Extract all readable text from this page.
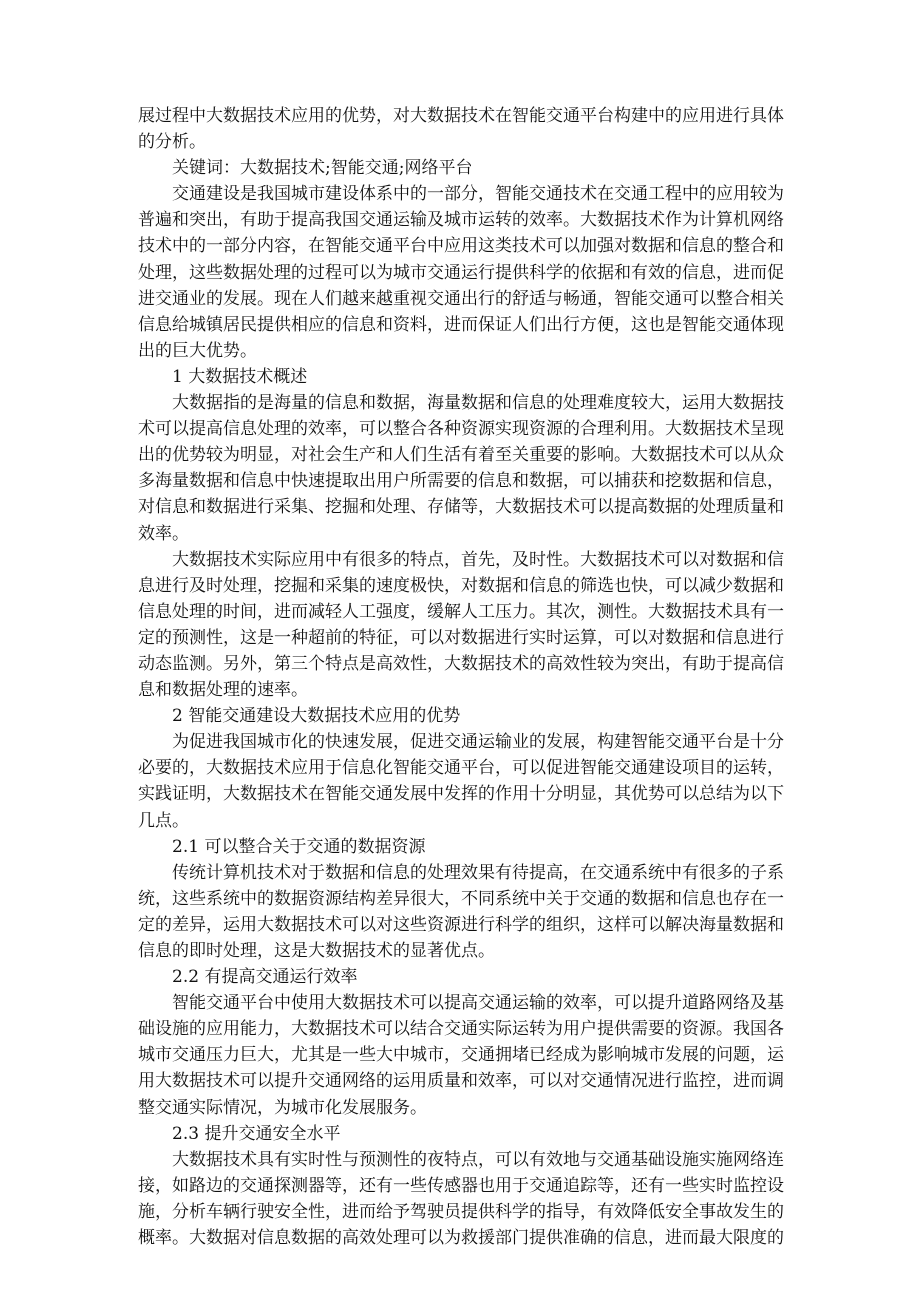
展过程中大数据技术应用的优势，对大数据技术在智能交通平台构建中的应用进行具体的分析。

关键词：大数据技术;智能交通;网络平台

交通建设是我国城市建设体系中的一部分，智能交通技术在交通工程中的应用较为普遍和突出，有助于提高我国交通运输及城市运转的效率。大数据技术作为计算机网络技术中的一部分内容，在智能交通平台中应用这类技术可以加强对数据和信息的整合和处理，这些数据处理的过程可以为城市交通运行提供科学的依据和有效的信息，进而促进交通业的发展。现在人们越来越重视交通出行的舒适与畅通，智能交通可以整合相关信息给城镇居民提供相应的信息和资料，进而保证人们出行方便，这也是智能交通体现出的巨大优势。

1 大数据技术概述

大数据指的是海量的信息和数据，海量数据和信息的处理难度较大，运用大数据技术可以提高信息处理的效率，可以整合各种资源实现资源的合理利用。大数据技术呈现出的优势较为明显，对社会生产和人们生活有着至关重要的影响。大数据技术可以从众多海量数据和信息中快速提取出用户所需要的信息和数据，可以捕获和挖数据和信息，对信息和数据进行采集、挖掘和处理、存储等，大数据技术可以提高数据的处理质量和效率。

大数据技术实际应用中有很多的特点，首先，及时性。大数据技术可以对数据和信息进行及时处理，挖掘和采集的速度极快，对数据和信息的筛选也快，可以减少数据和信息处理的时间，进而减轻人工强度，缓解人工压力。其次，测性。大数据技术具有一定的预测性，这是一种超前的特征，可以对数据进行实时运算，可以对数据和信息进行动态监测。另外，第三个特点是高效性，大数据技术的高效性较为突出，有助于提高信息和数据处理的速率。

2 智能交通建设大数据技术应用的优势

为促进我国城市化的快速发展，促进交通运输业的发展，构建智能交通平台是十分必要的，大数据技术应用于信息化智能交通平台，可以促进智能交通建设项目的运转，实践证明，大数据技术在智能交通发展中发挥的作用十分明显，其优势可以总结为以下几点。

2.1 可以整合关于交通的数据资源

传统计算机技术对于数据和信息的处理效果有待提高，在交通系统中有很多的子系统，这些系统中的数据资源结构差异很大，不同系统中关于交通的数据和信息也存在一定的差异，运用大数据技术可以对这些资源进行科学的组织，这样可以解决海量数据和信息的即时处理，这是大数据技术的显著优点。

2.2 有提高交通运行效率

智能交通平台中使用大数据技术可以提高交通运输的效率，可以提升道路网络及基础设施的应用能力，大数据技术可以结合交通实际运转为用户提供需要的资源。我国各城市交通压力巨大，尤其是一些大中城市，交通拥堵已经成为影响城市发展的问题，运用大数据技术可以提升交通网络的运用质量和效率，可以对交通情况进行监控，进而调整交通实际情况，为城市化发展服务。

2.3 提升交通安全水平

大数据技术具有实时性与预测性的夜特点，可以有效地与交通基础设施实施网络连接，如路边的交通探测器等，还有一些传感器也用于交通追踪等，还有一些实时监控设施，分析车辆行驶安全性，进而给予驾驶员提供科学的指导，有效降低安全事故发生的概率。大数据对信息数据的高效处理可以为救援部门提供准确的信息，进而最大限度的
